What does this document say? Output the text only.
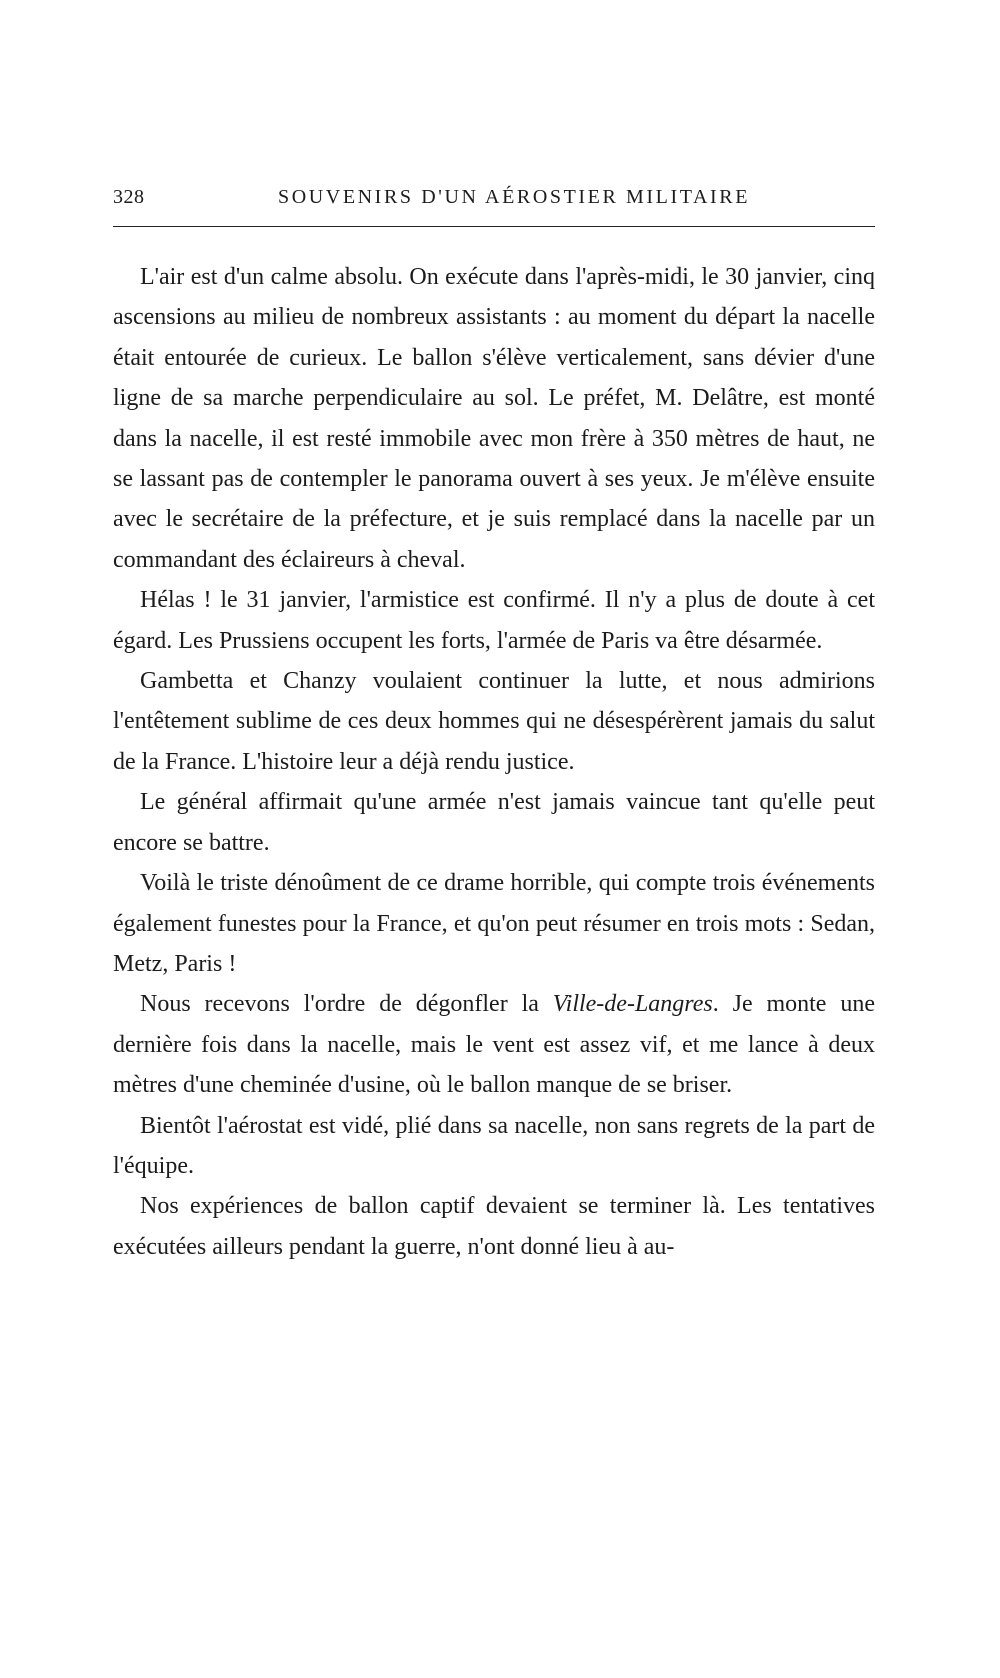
328	SOUVENIRS D'UN AÉROSTIER MILITAIRE

L'air est d'un calme absolu. On exécute dans l'après-midi, le 30 janvier, cinq ascensions au milieu de nombreux assistants : au moment du départ la nacelle était entourée de curieux. Le ballon s'élève verticalement, sans dévier d'une ligne de sa marche perpendiculaire au sol. Le préfet, M. Delâtre, est monté dans la nacelle, il est resté immobile avec mon frère à 350 mètres de haut, ne se lassant pas de contempler le panorama ouvert à ses yeux. Je m'élève ensuite avec le secrétaire de la préfecture, et je suis remplacé dans la nacelle par un commandant des éclaireurs à cheval.

Hélas ! le 31 janvier, l'armistice est confirmé. Il n'y a plus de doute à cet égard. Les Prussiens occupent les forts, l'armée de Paris va être désarmée.

Gambetta et Chanzy voulaient continuer la lutte, et nous admirions l'entêtement sublime de ces deux hommes qui ne désespérèrent jamais du salut de la France. L'histoire leur a déjà rendu justice.

Le général affirmait qu'une armée n'est jamais vaincue tant qu'elle peut encore se battre.

Voilà le triste dénoûment de ce drame horrible, qui compte trois événements également funestes pour la France, et qu'on peut résumer en trois mots : Sedan, Metz, Paris !

Nous recevons l'ordre de dégonfler la Ville-de-Langres. Je monte une dernière fois dans la nacelle, mais le vent est assez vif, et me lance à deux mètres d'une cheminée d'usine, où le ballon manque de se briser.

Bientôt l'aérostat est vidé, plié dans sa nacelle, non sans regrets de la part de l'équipe.

Nos expériences de ballon captif devaient se terminer là. Les tentatives exécutées ailleurs pendant la guerre, n'ont donné lieu à au-
